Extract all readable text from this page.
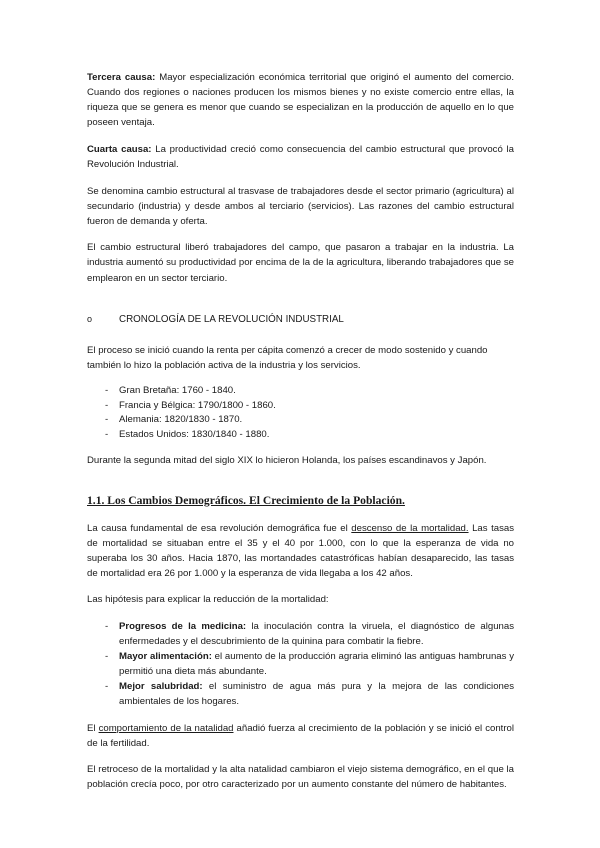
Tercera causa: Mayor especialización económica territorial que originó el aumento del comercio. Cuando dos regiones o naciones producen los mismos bienes y no existe comercio entre ellas, la riqueza que se genera es menor que cuando se especializan en la producción de aquello en lo que poseen ventaja.

Cuarta causa: La productividad creció como consecuencia del cambio estructural que provocó la Revolución Industrial.

Se denomina cambio estructural al trasvase de trabajadores desde el sector primario (agricultura) al secundario (industria) y desde ambos al terciario (servicios). Las razones del cambio estructural fueron de demanda y oferta.

El cambio estructural liberó trabajadores del campo, que pasaron a trabajar en la industria. La industria aumentó su productividad por encima de la de la agricultura, liberando trabajadores que se emplearon en un sector terciario.

o	CRONOLOGÍA DE LA REVOLUCIÓN INDUSTRIAL

El proceso se inició cuando la renta per cápita comenzó a crecer de modo sostenido y cuando también lo hizo la población activa de la industria y los servicios.

-	Gran Bretaña: 1760 - 1840.
-	Francia y Bélgica: 1790/1800 - 1860.
-	Alemania: 1820/1830 - 1870.
-	Estados Unidos: 1830/1840 - 1880.

Durante la segunda mitad del siglo XIX lo hicieron Holanda, los países escandinavos y Japón.

1.1. Los Cambios Demográficos. El Crecimiento de la Población.

La causa fundamental de esa revolución demográfica fue el descenso de la mortalidad. Las tasas de mortalidad se situaban entre el 35 y el 40 por 1.000, con lo que la esperanza de vida no superaba los 30 años. Hacia 1870, las mortandades catastróficas habían desaparecido, las tasas de mortalidad era 26 por 1.000 y la esperanza de vida llegaba a los 42 años.

Las hipótesis para explicar la reducción de la mortalidad:

-	Progresos de la medicina: la inoculación contra la viruela, el diagnóstico de algunas enfermedades y el descubrimiento de la quinina para combatir la fiebre.
-	Mayor alimentación: el aumento de la producción agraria eliminó las antiguas hambrunas y permitió una dieta más abundante.
-	Mejor salubridad: el suministro de agua más pura y la mejora de las condiciones ambientales de los hogares.

El comportamiento de la natalidad añadió fuerza al crecimiento de la población y se inició el control de la fertilidad.

El retroceso de la mortalidad y la alta natalidad cambiaron el viejo sistema demográfico, en el que la población crecía poco, por otro caracterizado por un aumento constante del número de habitantes.
